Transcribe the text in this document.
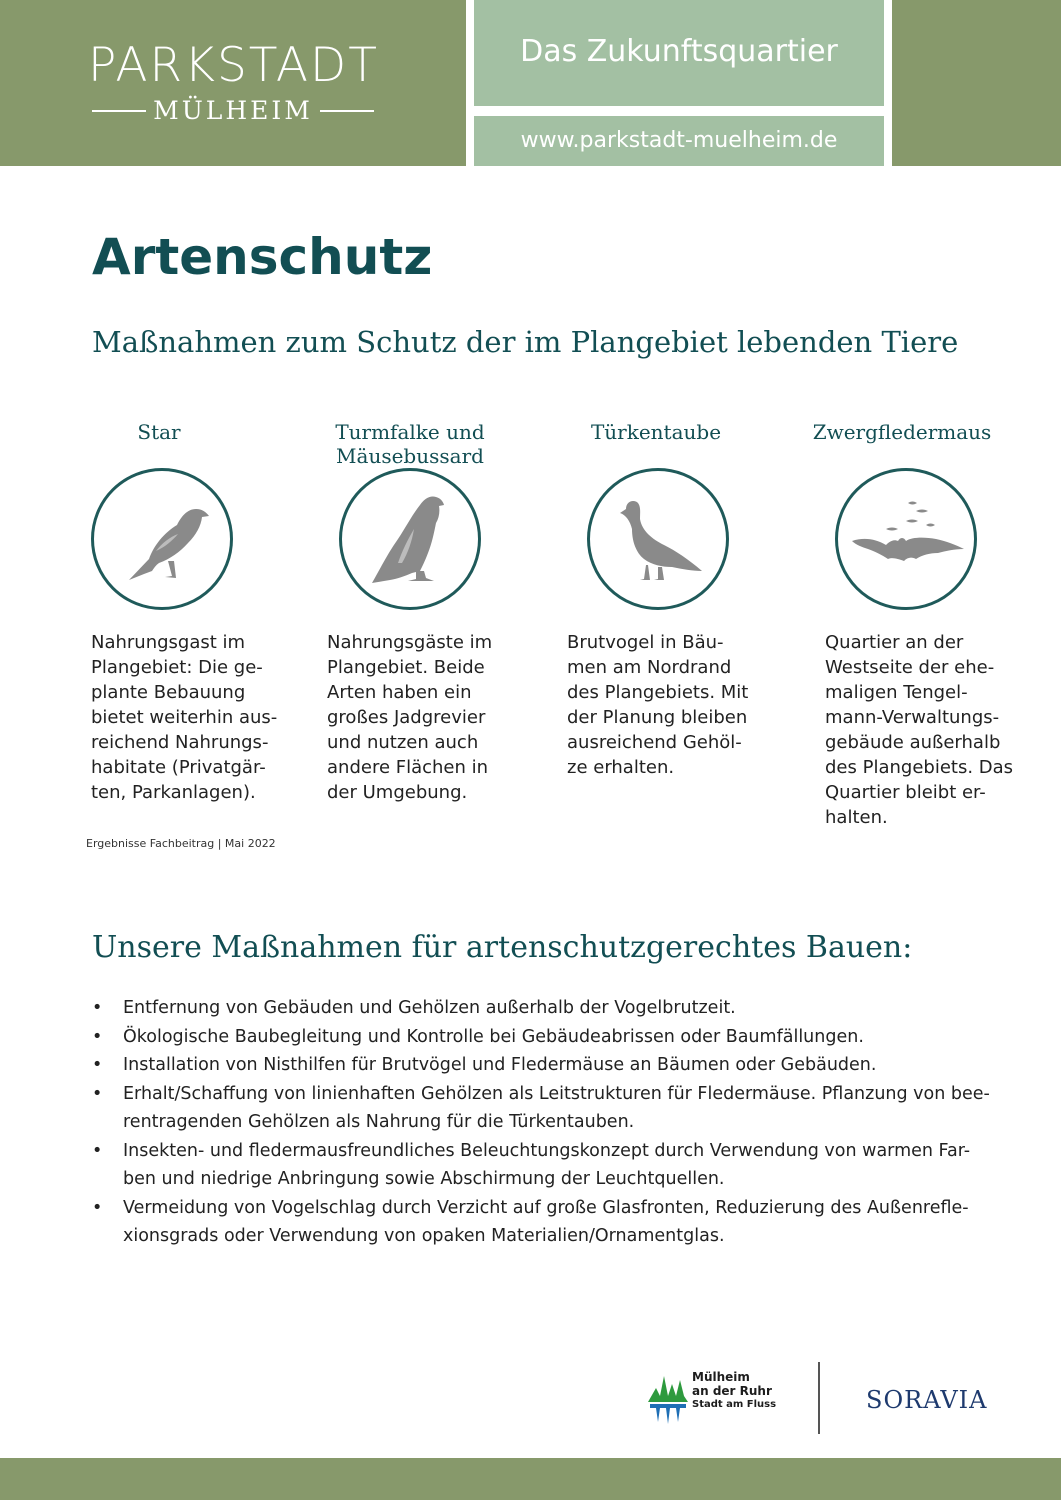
PARKSTADT
MÜLHEIM
Das Zukunftsquartier
www.parkstadt-muelheim.de
Artenschutz
Maßnahmen zum Schutz der im Plangebiet lebenden Tiere
Star
Nahrungsgast im
Plangebiet: Die ge-
plante Bebauung
bietet weiterhin aus-
reichend Nahrungs-
habitate (Privatgär-
ten, Parkanlagen).
Turmfalke und Mäusebussard
Nahrungsgäste im
Plangebiet. Beide
Arten haben ein
großes Jadgrevier
und nutzen auch
andere Flächen in
der Umgebung.
Türkentaube
Brutvogel in Bäu-
men am Nordrand
des Plangebiets. Mit
der Planung bleiben
ausreichend Gehöl-
ze erhalten.
Zwergfledermaus
Quartier an der
Westseite der ehe-
maligen Tengel-
mann-Verwaltungs-
gebäude außerhalb
des Plangebiets. Das
Quartier bleibt er-
halten.
Ergebnisse Fachbeitrag | Mai 2022
Unsere Maßnahmen für artenschutzgerechtes Bauen:
• Entfernung von Gebäuden und Gehölzen außerhalb der Vogelbrutzeit.
• Ökologische Baubegleitung und Kontrolle bei Gebäudeabrissen oder Baumfällungen.
• Installation von Nisthilfen für Brutvögel und Fledermäuse an Bäumen oder Gebäuden.
• Erhalt/Schaffung von linienhaften Gehölzen als Leitstrukturen für Fledermäuse. Pflanzung von bee-
rentragenden Gehölzen als Nahrung für die Türkentauben.
• Insekten- und fledermausfreundliches Beleuchtungskonzept durch Verwendung von warmen Far-
ben und niedrige Anbringung sowie Abschirmung der Leuchtquellen.
• Vermeidung von Vogelschlag durch Verzicht auf große Glasfronten, Reduzierung des Außenrefle-
xionsgrads oder Verwendung von opaken Materialien/Ornamentglas.
Mülheim
an der Ruhr
Stadt am Fluss	SORAVIA
